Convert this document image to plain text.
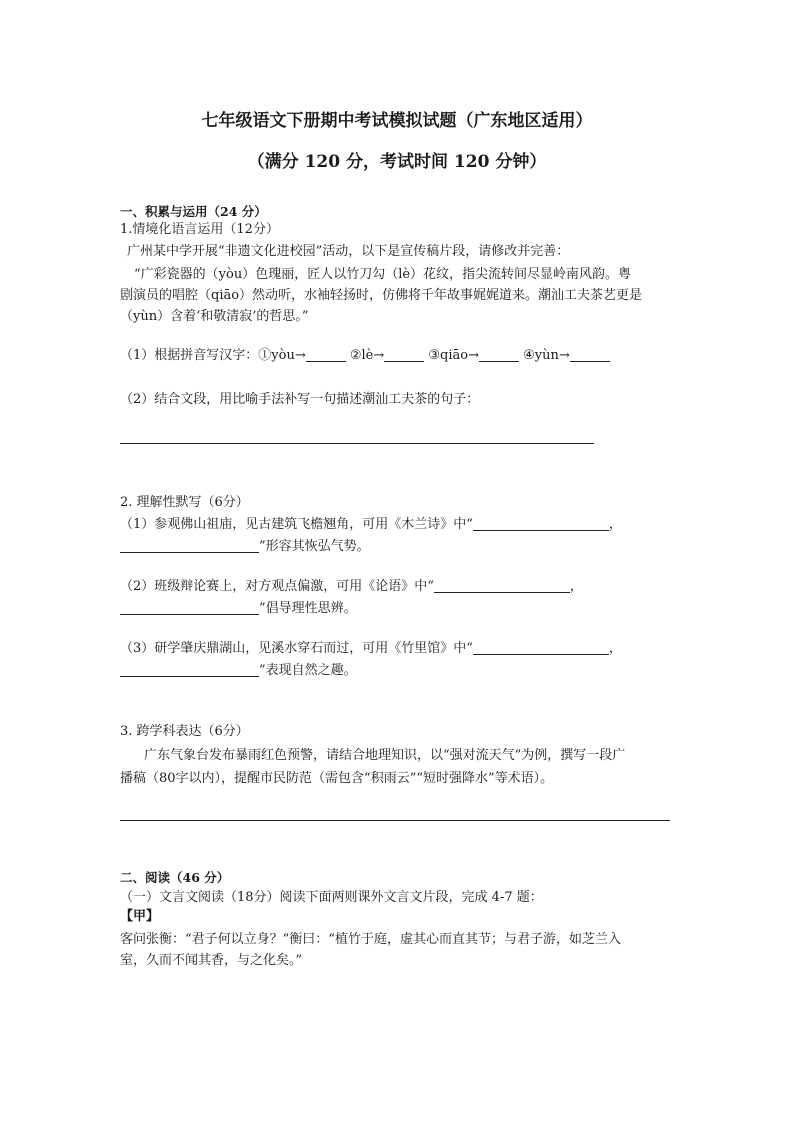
七年级语文下册期中考试模拟试题（广东地区适用）
（满分 120 分，考试时间 120 分钟）
一、积累与运用（24 分）
1.情境化语言运用（12分）
广州某中学开展“非遗文化进校园”活动，以下是宣传稿片段，请修改并完善：
“广彩瓷器的（yòu）色瑰丽，匠人以竹刀勾（lè）花纹，指尖流转间尽显岭南风韵。粤
剧演员的唱腔（qiāo）然动听，水袖轻扬时，仿佛将千年故事娓娓道来。潮汕工夫茶艺更是
（yùn）含着‘和敬清寂’的哲思。”
（1）根据拼音写汉字：①yòu→	②lè→	③qiāo→	④yùn→
（2）结合文段，用比喻手法补写一句描述潮汕工夫茶的句子：
2. 理解性默写（6分）
（1）参观佛山祖庙，见古建筑飞檐翘角，可用《木兰诗》中“	，
”形容其恢弘气势。
（2）班级辩论赛上，对方观点偏激，可用《论语》中“	，
”倡导理性思辨。
（3）研学肇庆鼎湖山，见溪水穿石而过，可用《竹里馆》中“	，
”表现自然之趣。
3. 跨学科表达（6分）
广东气象台发布暴雨红色预警，请结合地理知识，以“强对流天气”为例，撰写一段广
播稿（80字以内），提醒市民防范（需包含“积雨云”“短时强降水”等术语）。
二、阅读（46 分）
（一）文言文阅读（18分）阅读下面两则课外文言文片段，完成 4-7 题：
【甲】
客问张衡：“君子何以立身？”衡曰：“植竹于庭，虚其心而直其节；与君子游，如芝兰入
室，久而不闻其香，与之化矣。”
